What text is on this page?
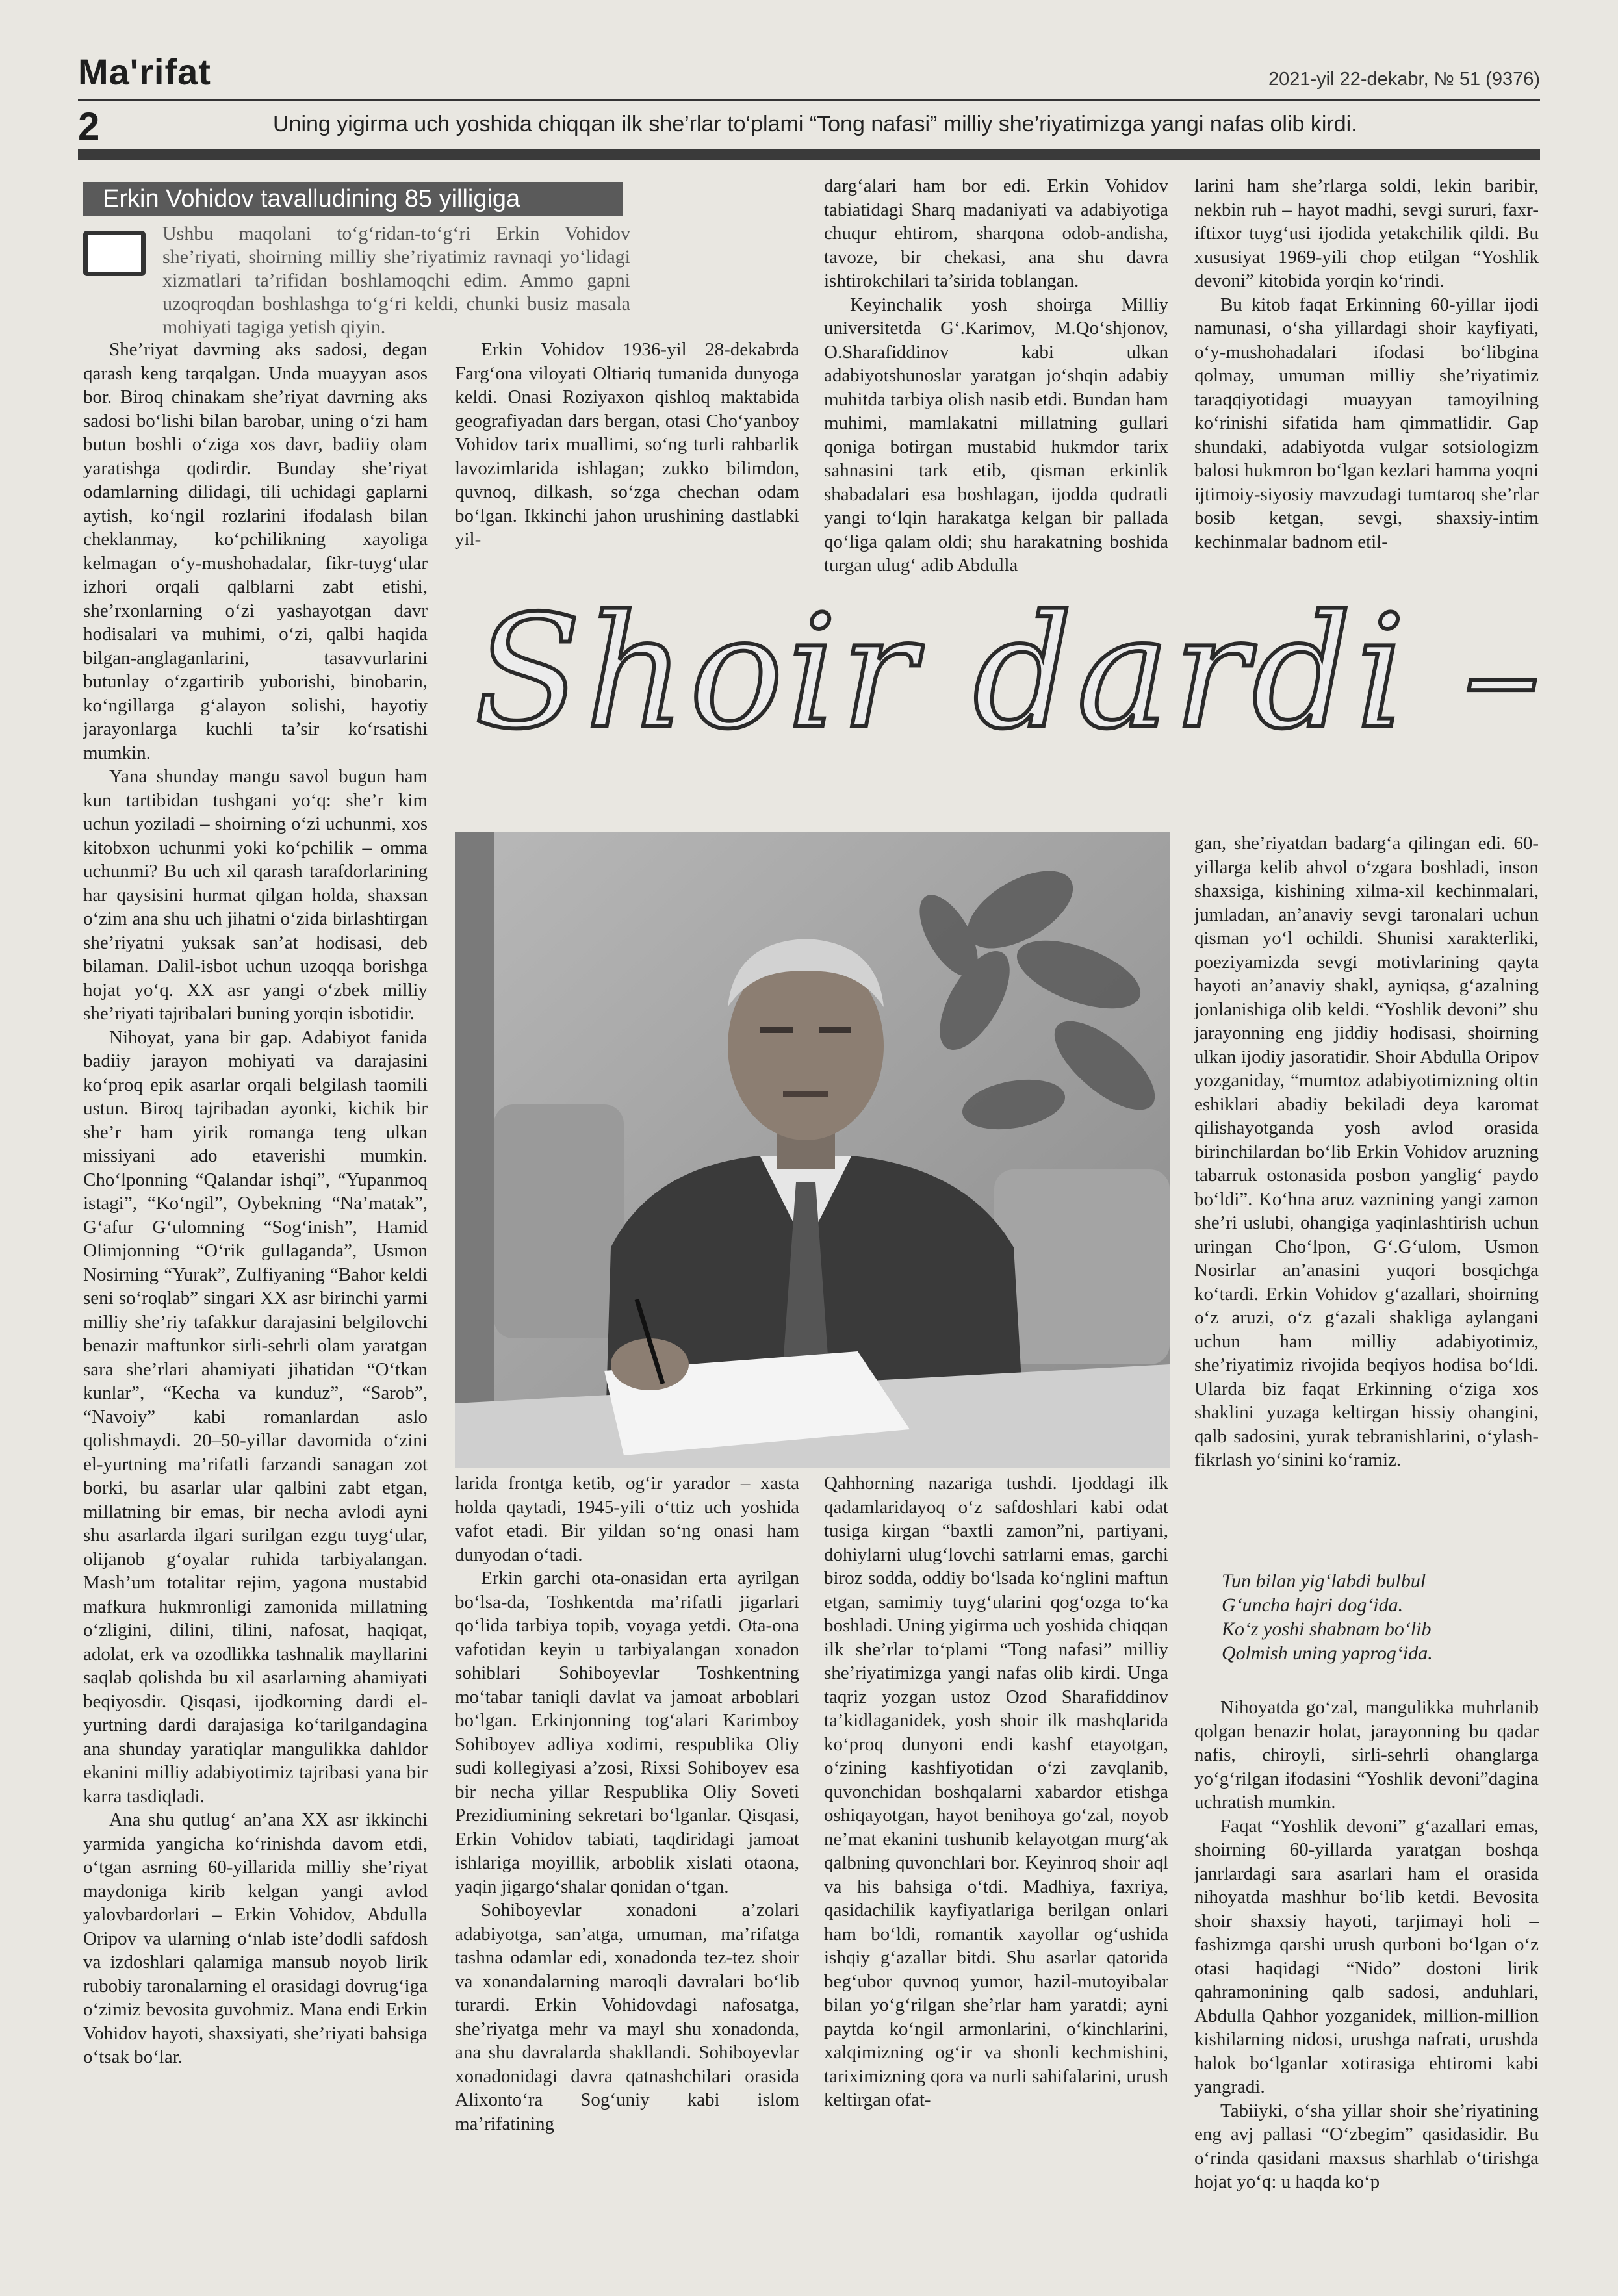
Ma'rifat	2021-yil 22-dekabr, № 51 (9376)
2	Uning yigirma uch yoshida chiqqan ilk she’rlar to‘plami “Tong nafasi” milliy she’riyatimizga yangi nafas olib kirdi.
Erkin Vohidov tavalludining 85 yilligiga
Ushbu maqolani to‘g‘ridan-to‘g‘ri Erkin Vohidov she’riyati, shoirning milliy she’riyatimiz ravnaqi yo‘lidagi xizmatlari ta’rifidan boshlamoqchi edim. Ammo gapni uzoqroqdan boshlashga to‘g‘ri keldi, chunki busiz masala mohiyati tagiga yetish qiyin.

She’riyat davrning aks sadosi, degan qarash keng tarqalgan. Unda muayyan asos bor. Biroq chinakam she’riyat davrning aks sadosi bo‘lishi bilan barobar, uning o‘zi ham butun boshli o‘ziga xos davr, badiiy olam yaratishga qodirdir. Bunday she’riyat odamlarning dilidagi, tili uchidagi gaplarni aytish, ko‘ngil rozlarini ifodalash bilan cheklanmay, ko‘pchilikning xayoliga kelmagan o‘y-mushohadalar, fikr-tuyg‘ular izhori orqali qalblarni zabt etishi, she’rxonlarning o‘zi yashayotgan davr hodisalari va muhimi, o‘zi, qalbi haqida bilgan-anglaganlarini, tasavvurlarini butunlay o‘zgartirib yuborishi, binobarin, ko‘ngillarga g‘alayon solishi, hayotiy jarayonlarga kuchli ta’sir ko‘rsatishi mumkin.

Yana shunday mangu savol bugun ham kun tartibidan tushgani yo‘q: she’r kim uchun yoziladi – shoirning o‘zi uchunmi, xos kitobxon uchunmi yoki ko‘pchilik – omma uchunmi? Bu uch xil qarash tarafdorlarining har qaysisini hurmat qilgan holda, shaxsan o‘zim ana shu uch jihatni o‘zida birlashtirgan she’riyatni yuksak san’at hodisasi, deb bilaman. Dalil-isbot uchun uzoqqa borishga hojat yo‘q. XX asr yangi o‘zbek milliy she’riyati tajribalari buning yorqin isbotidir.

Nihoyat, yana bir gap. Adabiyot fanida badiiy jarayon mohiyati va darajasini ko‘proq epik asarlar orqali belgilash taomili ustun. Biroq tajribadan ayonki, kichik bir she’r ham yirik romanga teng ulkan missiyani ado etaverishi mumkin. Cho‘lponning “Qalandar ishqi”, “Yupanmoq istagi”, “Ko‘ngil”, Oybekning “Na’matak”, G‘afur G‘ulomning “Sog‘inish”, Hamid Olimjonning “O‘rik gullaganda”, Usmon Nosirning “Yurak”, Zulfiyaning “Bahor keldi seni so‘roqlab” singari XX asr birinchi yarmi milliy she’riy tafakkur darajasini belgilovchi benazir maftunkor sirli-sehrli olam yaratgan sara she’rlari ahamiyati jihatidan “O‘tkan kunlar”, “Kecha va kunduz”, “Sarob”, “Navoiy” kabi romanlardan aslo qolishmaydi. 20–50-yillar davomida o‘zini el-yurtning ma’rifatli farzandi sanagan zot borki, bu asarlar ular qalbini zabt etgan, millatning bir emas, bir necha avlodi ayni shu asarlarda ilgari surilgan ezgu tuyg‘ular, olijanob g‘oyalar ruhida tarbiyalangan. Mash’um totalitar rejim, yagona mustabid mafkura hukmronligi zamonida millatning o‘zligini, dilini, tilini, nafosat, haqiqat, adolat, erk va ozodlikka tashnalik mayllarini saqlab qolishda bu xil asarlarning ahamiyati beqiyosdir. Qisqasi, ijodkorning dardi el-yurtning dardi darajasiga ko‘tarilgandagina ana shunday yaratiqlar mangulikka dahldor ekanini milliy adabiyotimiz tajribasi yana bir karra tasdiqladi.

Ana shu qutlug‘ an’ana XX asr ikkinchi yarmida yangicha ko‘rinishda davom etdi, o‘tgan asrning 60-yillarida milliy she’riyat maydoniga kirib kelgan yangi avlod yalovbardorlari – Erkin Vohidov, Abdulla Oripov va ularning o‘nlab iste’dodli safdosh va izdoshlari qalamiga mansub noyob lirik rubobiy taronalarning el orasidagi dovrug‘iga o‘zimiz bevosita guvohmiz. Mana endi Erkin Vohidov hayoti, shaxsiyati, she’riyati bahsiga o‘tsak bo‘lar.

Erkin Vohidov 1936-yil 28-dekabrda Farg‘ona viloyati Oltiariq tumanida dunyoga keldi. Onasi Roziyaxon qishloq maktabida geografiyadan dars bergan, otasi Cho‘yanboy Vohidov tarix muallimi, so‘ng turli rahbarlik lavozimlarida ishlagan; zukko bilimdon, quvnoq, dilkash, so‘zga chechan odam bo‘lgan. Ikkinchi jahon urushining dastlabki yil-

darg‘alari ham bor edi. Erkin Vohidov tabiatidagi Sharq madaniyati va adabiyotiga chuqur ehtirom, sharqona odob-andisha, tavoze, bir chekasi, ana shu davra ishtirokchilari ta’sirida toblangan.

Keyinchalik yosh shoirga Milliy universitetda G‘.Karimov, M.Qo‘shjonov, O.Sharafiddinov kabi ulkan adabiyotshunoslar yaratgan jo‘shqin adabiy muhitda tarbiya olish nasib etdi. Bundan ham muhimi, mamlakatni millatning gullari qoniga botirgan mustabid hukmdor tarix sahnasini tark etib, qisman erkinlik shabadalari esa boshlagan, ijodda qudratli yangi to‘lqin harakatga kelgan bir pallada qo‘liga qalam oldi; shu harakatning boshida turgan ulug‘ adib Abdulla

larini ham she’rlarga soldi, lekin baribir, nekbin ruh – hayot madhi, sevgi sururi, faxr-iftixor tuyg‘usi ijodida yetakchilik qildi. Bu xususiyat 1969-yili chop etilgan “Yoshlik devoni” kitobida yorqin ko‘rindi.

Bu kitob faqat Erkinning 60-yillar ijodi namunasi, o‘sha yillardagi shoir kayfiyati, o‘y-mushohadalari ifodasi bo‘libgina qolmay, umuman milliy she’riyatimiz taraqqiyotidagi muayyan tamoyilning ko‘rinishi sifatida ham qimmatlidir. Gap shundaki, adabiyotda vulgar sotsiologizm balosi hukmron bo‘lgan kezlari hamma yoqni ijtimoiy-siyosiy mavzudagi tumtaroq she’rlar bosib ketgan, sevgi, shaxsiy-intim kechinmalar badnom etil-

Shoir dardi –

gan, she’riyatdan badarg‘a qilingan edi. 60-yillarga kelib ahvol o‘zgara boshladi, inson shaxsiga, kishining xilma-xil kechinmalari, jumladan, an’anaviy sevgi taronalari uchun qisman yo‘l ochildi. Shunisi xarakterliki, poeziyamizda sevgi motivlarining qayta hayoti an’anaviy shakl, ayniqsa, g‘azalning jonlanishiga olib keldi. “Yoshlik devoni” shu jarayonning eng jiddiy hodisasi, shoirning ulkan ijodiy jasoratidir. Shoir Abdulla Oripov yozganiday, “mumtoz adabiyotimizning oltin eshiklari abadiy bekiladi deya karomat qilishayotganda yosh avlod orasida birinchilardan bo‘lib Erkin Vohidov aruzning tabarruk ostonasida posbon yanglig‘ paydo bo‘ldi”. Ko‘hna aruz vaznining yangi zamon she’ri uslubi, ohangiga yaqinlashtirish uchun uringan Cho‘lpon, G‘.G‘ulom, Usmon Nosirlar an’anasini yuqori bosqichga ko‘tardi. Erkin Vohidov g‘azallari, shoirning o‘z aruzi, o‘z g‘azali shakliga aylangani uchun ham milliy adabiyotimiz, she’riyatimiz rivojida beqiyos hodisa bo‘ldi. Ularda biz faqat Erkinning o‘ziga xos shaklini yuzaga keltirgan hissiy ohangini, qalb sadosini, yurak tebranishlarini, o‘ylash- fikrlash yo‘sinini ko‘ramiz.

Tun bilan yig‘labdi bulbul
G‘uncha hajri dog‘ida.
Ko‘z yoshi shabnam bo‘lib
Qolmish uning yaprog‘ida.

Nihoyatda go‘zal, mangulikka muhrlanib qolgan benazir holat, jarayonning bu qadar nafis, chiroyli, sirli-sehrli ohanglarga yo‘g‘rilgan ifodasini “Yoshlik devoni”dagina uchratish mumkin.

Faqat “Yoshlik devoni” g‘azallari emas, shoirning 60-yillarda yaratgan boshqa janrlardagi sara asarlari ham el orasida nihoyatda mashhur bo‘lib ketdi. Bevosita shoir shaxsiy hayoti, tarjimayi holi – fashizmga qarshi urush qurboni bo‘lgan o‘z otasi haqidagi “Nido” dostoni lirik qahramonining qalb sadosi, anduhlari, Abdulla Qahhor yozganidek, million-million kishilarning nidosi, urushga nafrati, urushda halok bo‘lganlar xotirasiga ehtiromi kabi yangradi.

Tabiiyki, o‘sha yillar shoir she’riyatining eng avj pallasi “O‘zbegim” qasidasidir. Bu o‘rinda qasidani maxsus sharhlab o‘tirishga hojat yo‘q: u haqda ko‘p

larida frontga ketib, og‘ir yarador – xasta holda qaytadi, 1945-yili o‘ttiz uch yoshida vafot etadi. Bir yildan so‘ng onasi ham dunyodan o‘tadi.

Erkin garchi ota-onasidan erta ayrilgan bo‘lsa-da, Toshkentda ma’rifatli jigarlari qo‘lida tarbiya topib, voyaga yetdi. Ota-ona vafotidan keyin u tarbiyalangan xonadon sohiblari Sohiboyevlar Toshkentning mo‘tabar taniqli davlat va jamoat arboblari bo‘lgan. Erkinjonning tog‘alari Karimboy Sohiboyev adliya xodimi, respublika Oliy sudi kollegiyasi a’zosi, Rixsi Sohiboyev esa bir necha yillar Respublika Oliy Soveti Prezidiumining sekretari bo‘lganlar. Qisqasi, Erkin Vohidov tabiati, taqdiridagi jamoat ishlariga moyillik, arboblik xislati otaona, yaqin jigargo‘shalar qonidan o‘tgan.

Sohiboyevlar xonadoni a’zolari adabiyotga, san’atga, umuman, ma’rifatga tashna odamlar edi, xonadonda tez-tez shoir va xonandalarning maroqli davralari bo‘lib turardi. Erkin Vohidovdagi nafosatga, she’riyatga mehr va mayl shu xonadonda, ana shu davralarda shakllandi. Sohiboyevlar xonadonidagi davra qatnashchilari orasida Alixonto‘ra Sog‘uniy kabi islom ma’rifatining

Qahhorning nazariga tushdi. Ijoddagi ilk qadamlaridayoq o‘z safdoshlari kabi odat tusiga kirgan “baxtli zamon”ni, partiyani, dohiylarni ulug‘lovchi satrlarni emas, garchi biroz sodda, oddiy bo‘lsada ko‘nglini maftun etgan, samimiy tuyg‘ularini qog‘ozga to‘ka boshladi. Uning yigirma uch yoshida chiqqan ilk she’rlar to‘plami “Tong nafasi” milliy she’riyatimizga yangi nafas olib kirdi. Unga taqriz yozgan ustoz Ozod Sharafiddinov ta’kidlaganidek, yosh shoir ilk mashqlarida ko‘proq dunyoni endi kashf etayotgan, o‘zining kashfiyotidan o‘zi zavqlanib, quvonchidan boshqalarni xabardor etishga oshiqayotgan, hayot benihoya go‘zal, noyob ne’mat ekanini tushunib kelayotgan murg‘ak qalbning quvonchlari bor. Keyinroq shoir aql va his bahsiga o‘tdi. Madhiya, faxriya, qasidachilik kayfiyatlariga berilgan onlari ham bo‘ldi, romantik xayollar og‘ushida ishqiy g‘azallar bitdi. Shu asarlar qatorida beg‘ubor quvnoq yumor, hazil-mutoyibalar bilan yo‘g‘rilgan she’rlar ham yaratdi; ayni paytda ko‘ngil armonlarini, o‘kinchlarini, xalqimizning og‘ir va shonli kechmishini, tariximizning qora va nurli sahifalarini, urush keltirgan ofat-
